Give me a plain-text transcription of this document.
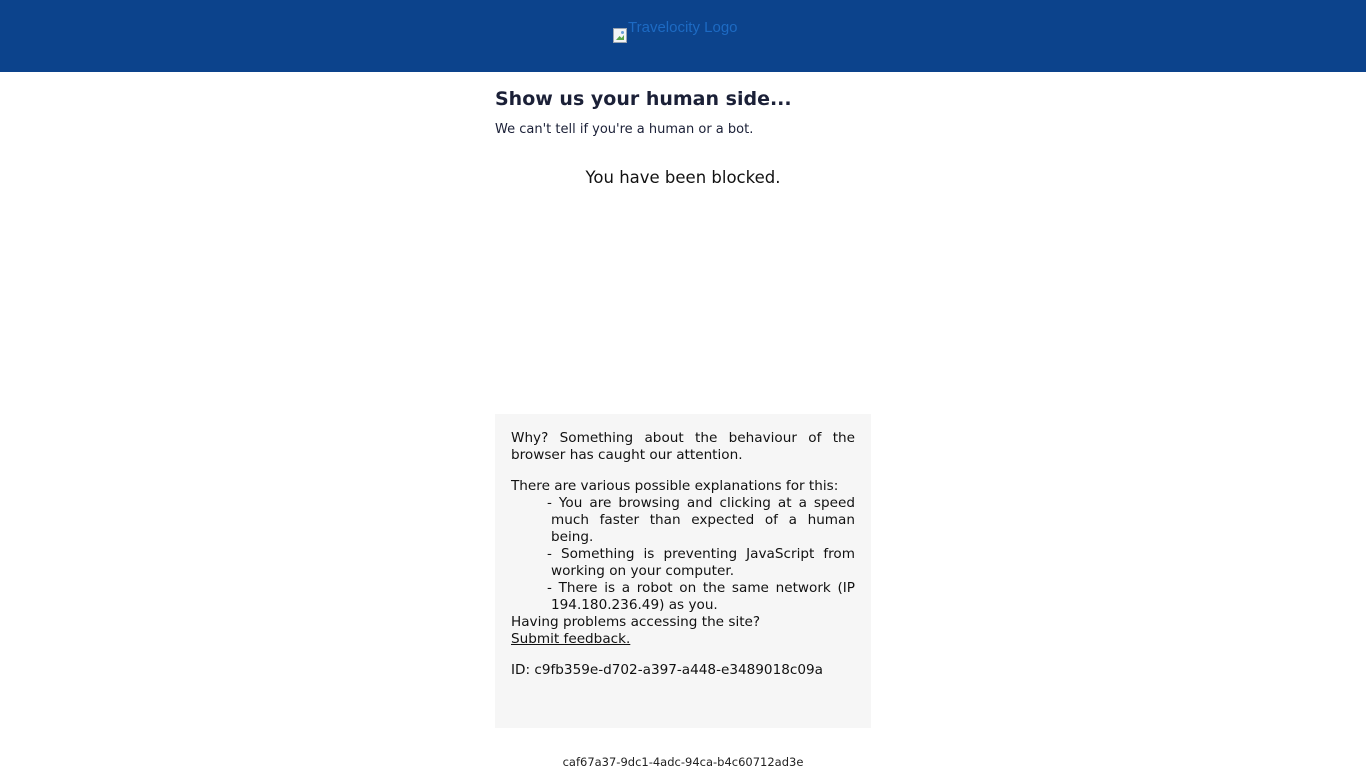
Travelocity Logo
Show us your human side...

We can't tell if you're a human or a bot.

You have been blocked.

Why? Something about the behaviour of the browser has caught our attention.

There are various possible explanations for this:

- You are browsing and clicking at a speed much faster than expected of a human being.
- Something is preventing JavaScript from working on your computer.
- There is a robot on the same network (IP 194.180.236.49) as you.

Having problems accessing the site?

Submit feedback.

ID: c9fb359e-d702-a397-a448-e3489018c09a

caf67a37-9dc1-4adc-94ca-b4c60712ad3e
